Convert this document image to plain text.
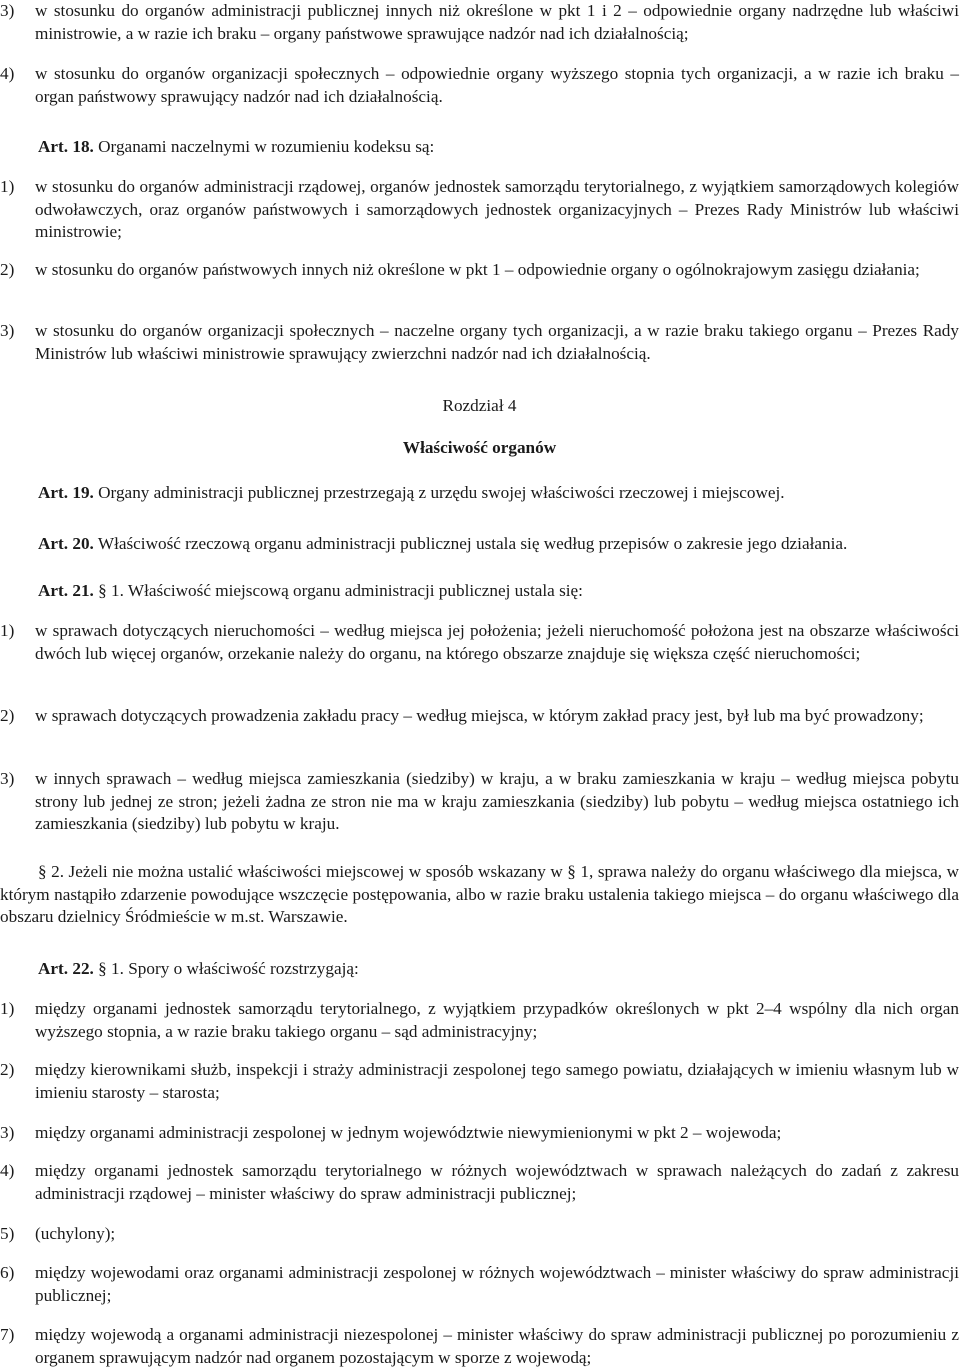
3)	w stosunku do organów administracji publicznej innych niż określone w pkt 1 i 2 – odpowiednie organy nadrzędne lub właściwi ministrowie, a w razie ich braku – organy państwowe sprawujące nadzór nad ich działalnością;
4)	w stosunku do organów organizacji społecznych – odpowiednie organy wyższego stopnia tych organizacji, a w razie ich braku – organ państwowy sprawujący nadzór nad ich działalnością.

Art. 18. Organami naczelnymi w rozumieniu kodeksu są:

1)	w stosunku do organów administracji rządowej, organów jednostek samorządu terytorialnego, z wyjątkiem samorządowych kolegiów odwoławczych, oraz organów państwowych i samorządowych jednostek organizacyjnych – Prezes Rady Ministrów lub właściwi ministrowie;
2)	w stosunku do organów państwowych innych niż określone w pkt 1 – odpowiednie organy o ogólnokrajowym zasięgu działania;
3)	w stosunku do organów organizacji społecznych – naczelne organy tych organizacji, a w razie braku takiego organu – Prezes Rady Ministrów lub właściwi ministrowie sprawujący zwierzchni nadzór nad ich działalnością.

Rozdział 4

Właściwość organów

Art. 19. Organy administracji publicznej przestrzegają z urzędu swojej właściwości rzeczowej i miejscowej.

Art. 20. Właściwość rzeczową organu administracji publicznej ustala się według przepisów o zakresie jego działania.

Art. 21. § 1. Właściwość miejscową organu administracji publicznej ustala się:

1)	w sprawach dotyczących nieruchomości – według miejsca jej położenia; jeżeli nieruchomość położona jest na obszarze właściwości dwóch lub więcej organów, orzekanie należy do organu, na którego obszarze znajduje się większa część nieruchomości;
2)	w sprawach dotyczących prowadzenia zakładu pracy – według miejsca, w którym zakład pracy jest, był lub ma być prowadzony;
3)	w innych sprawach – według miejsca zamieszkania (siedziby) w kraju, a w braku zamieszkania w kraju – według miejsca pobytu strony lub jednej ze stron; jeżeli żadna ze stron nie ma w kraju zamieszkania (siedziby) lub pobytu – według miejsca ostatniego ich zamieszkania (siedziby) lub pobytu w kraju.

§ 2. Jeżeli nie można ustalić właściwości miejscowej w sposób wskazany w § 1, sprawa należy do organu właściwego dla miejsca, w którym nastąpiło zdarzenie powodujące wszczęcie postępowania, albo w razie braku ustalenia takiego miejsca – do organu właściwego dla obszaru dzielnicy Śródmieście w m.st. Warszawie.

Art. 22. § 1. Spory o właściwość rozstrzygają:

1)	między organami jednostek samorządu terytorialnego, z wyjątkiem przypadków określonych w pkt 2–4 wspólny dla nich organ wyższego stopnia, a w razie braku takiego organu – sąd administracyjny;
2)	między kierownikami służb, inspekcji i straży administracji zespolonej tego samego powiatu, działających w imieniu własnym lub w imieniu starosty – starosta;
3)	między organami administracji zespolonej w jednym województwie niewymienionymi w pkt 2 – wojewoda;
4)	między organami jednostek samorządu terytorialnego w różnych województwach w sprawach należących do zadań z zakresu administracji rządowej – minister właściwy do spraw administracji publicznej;
5)	(uchylony);
6)	między wojewodami oraz organami administracji zespolonej w różnych województwach – minister właściwy do spraw administracji publicznej;
7)	między wojewodą a organami administracji niezespolonej – minister właściwy do spraw administracji publicznej po porozumieniu z organem sprawującym nadzór nad organem pozostającym w sporze z wojewodą;
